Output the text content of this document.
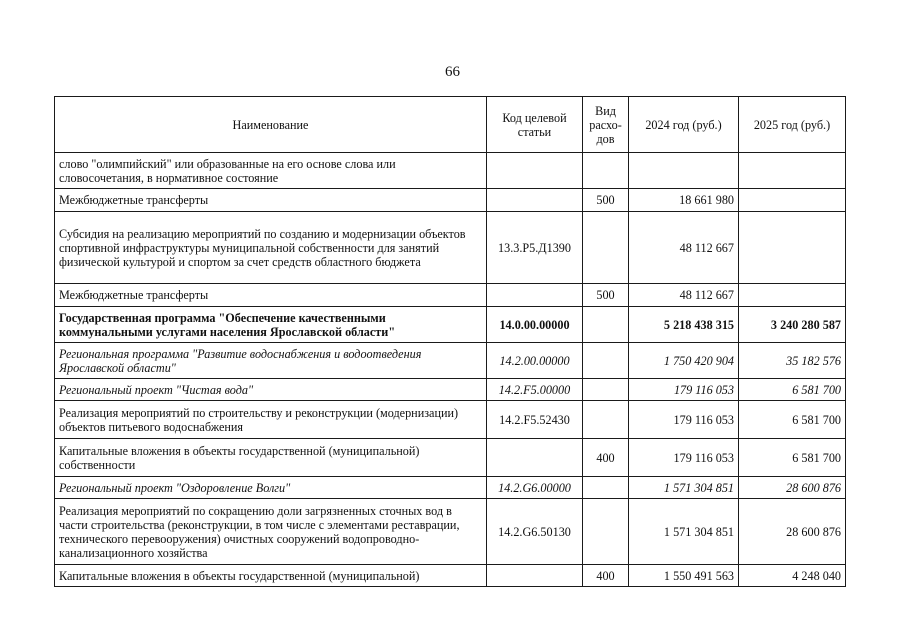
66
Наименование	Код целевой статьи	Вид расхо-дов	2024 год (руб.)	2025 год (руб.)
слово "олимпийский" или образованные на его основе слова или словосочетания, в нормативное состояние				
Межбюджетные трансферты		500	18 661 980	
Субсидия на реализацию мероприятий по созданию и модернизации объектов спортивной инфраструктуры муниципальной собственности для занятий физической культурой и спортом за счет средств областного бюджета	13.3.Р5.Д1390		48 112 667	
Межбюджетные трансферты		500	48 112 667	
Государственная программа "Обеспечение качественными коммунальными услугами населения Ярославской области"	14.0.00.00000		5 218 438 315	3 240 280 587
Региональная программа "Развитие водоснабжения и водоотведения Ярославской области"	14.2.00.00000		1 750 420 904	35 182 576
Региональный проект "Чистая вода"	14.2.F5.00000		179 116 053	6 581 700
Реализация мероприятий по строительству и реконструкции (модернизации) объектов питьевого водоснабжения	14.2.F5.52430		179 116 053	6 581 700
Капитальные вложения в объекты государственной (муниципальной) собственности		400	179 116 053	6 581 700
Региональный проект "Оздоровление Волги"	14.2.G6.00000		1 571 304 851	28 600 876
Реализация мероприятий по сокращению доли загрязненных сточных вод в части строительства (реконструкции, в том числе с элементами реставрации, технического перевооружения) очистных сооружений водопроводно-канализационного хозяйства	14.2.G6.50130		1 571 304 851	28 600 876
Капитальные вложения в объекты государственной (муниципальной)		400	1 550 491 563	4 248 040
